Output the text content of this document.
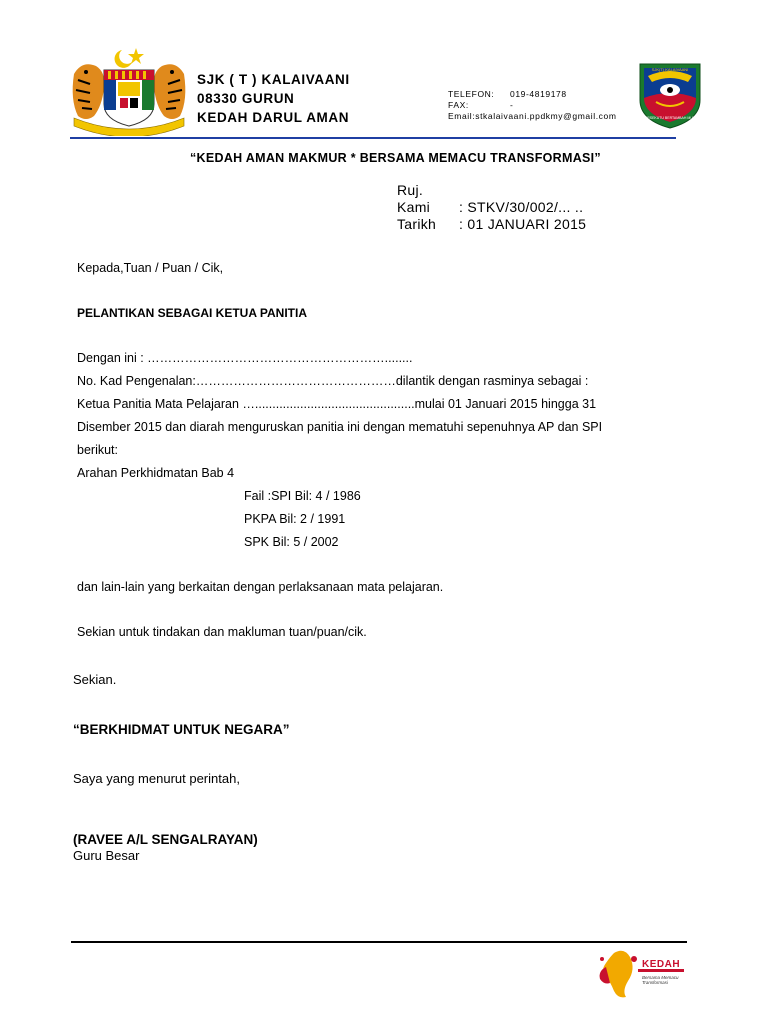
SJK ( T ) KALAIVAANI
08330 GURUN
KEDAH DARUL AMAN
TELEFON: 019-4819178
FAX:	-
Email:stkalaivaani.ppdkmy@gmail.com
SJK(T) KALAIVAANI
BERSEKUTU BERTAMBAH MUTU
“KEDAH AMAN MAKMUR * BERSAMA MEMACU TRANSFORMASI”
Ruj. Kami : STKV/30/002/... ..
Tarikh : 01 JANUARI 2015
Kepada,Tuan / Puan / Cik,
PELANTIKAN SEBAGAI KETUA PANITIA
Dengan ini : …………………………………………………........
No. Kad Pengenalan:…………………………………………dilantik dengan rasminya sebagai :
Ketua Panitia Mata Pelajaran …..............................................mulai 01 Januari 2015 hingga 31
Disember 2015 dan diarah menguruskan panitia ini dengan mematuhi sepenuhnya AP dan SPI
berikut:
Arahan Perkhidmatan Bab 4
Fail :SPI Bil: 4 / 1986
PKPA Bil: 2 / 1991
SPK Bil: 5 / 2002
dan lain-lain yang berkaitan dengan perlaksanaan mata pelajaran.
Sekian untuk tindakan dan makluman tuan/puan/cik.
Sekian.
“BERKHIDMAT UNTUK NEGARA”
Saya yang menurut perintah,
(RAVEE A/L SENGALRAYAN)
Guru Besar
KEDAH
Bersama Memacu Transformasi
